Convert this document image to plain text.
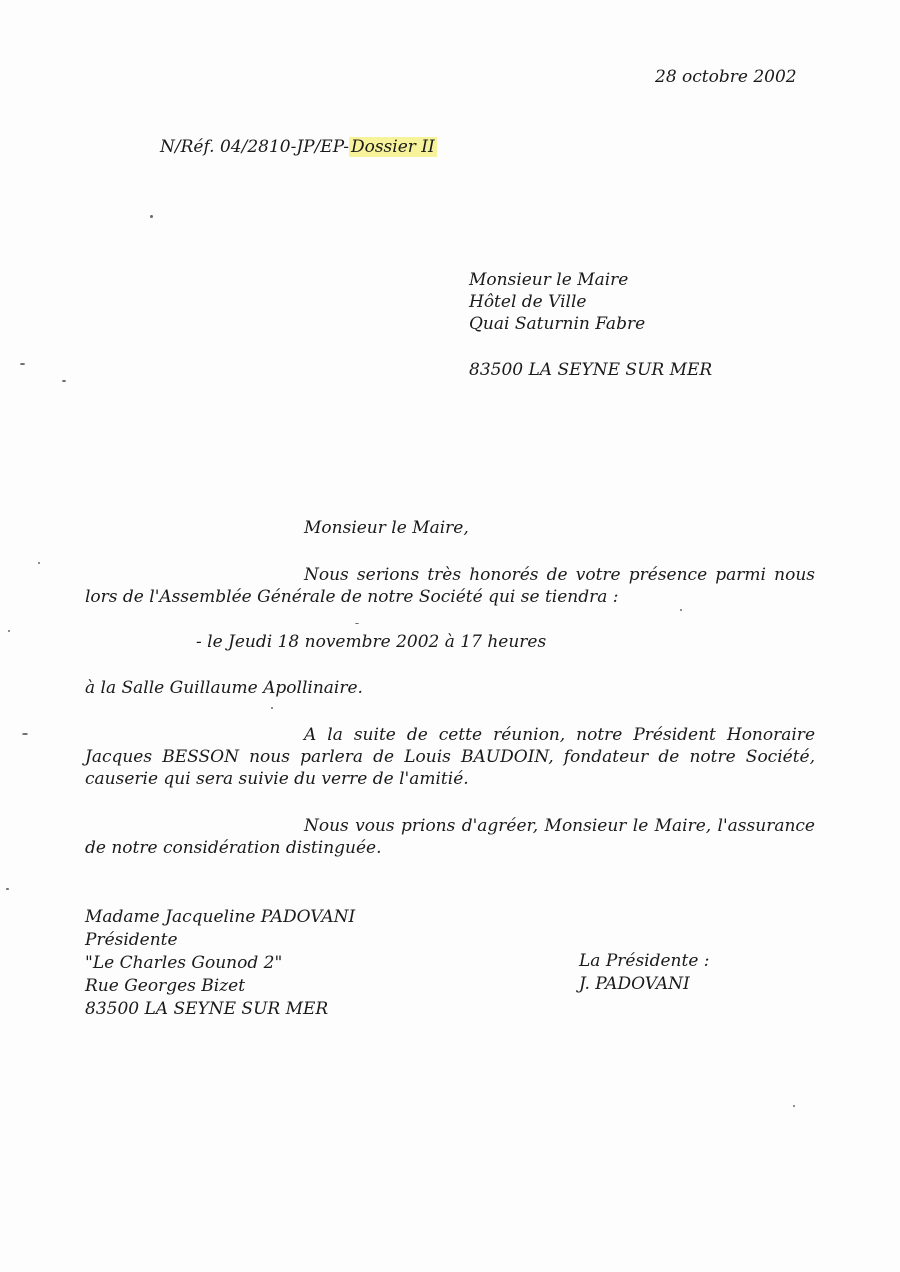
28 octobre 2002
N/Réf. 04/2810-JP/EP- Dossier II
Monsieur le Maire
Hôtel de Ville
Quai Saturnin Fabre
83500 LA SEYNE SUR MER
Monsieur le Maire,
Nous serions très honorés de votre présence parmi nous lors de l'Assemblée Générale de notre Société qui se tiendra :
- le Jeudi 18 novembre 2002 à 17 heures
à la Salle Guillaume Apollinaire.
A la suite de cette réunion, notre Président Honoraire Jacques BESSON nous parlera de Louis BAUDOIN, fondateur de notre Société, causerie qui sera suivie du verre de l'amitié.
Nous vous prions d'agréer, Monsieur le Maire, l'assurance de notre considération distinguée.
Madame Jacqueline PADOVANI
Présidente
"Le Charles Gounod 2"
Rue Georges Bizet
83500 LA SEYNE SUR MER
La Présidente :
J. PADOVANI
